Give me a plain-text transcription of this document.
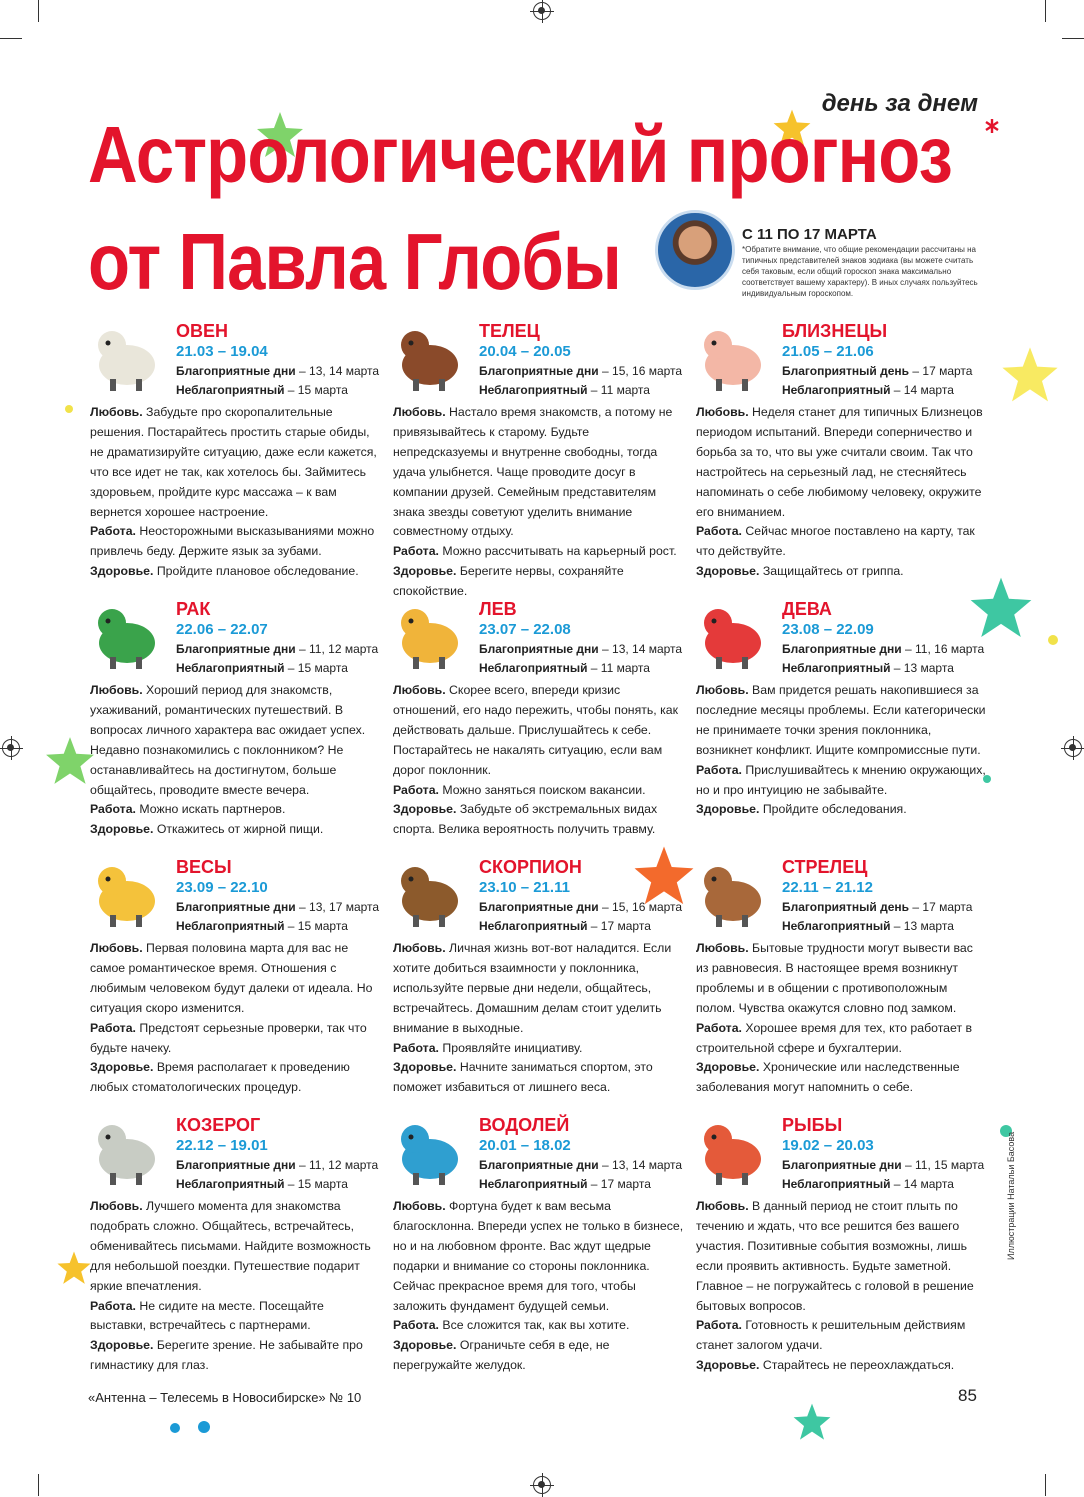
день за днем
Астрологический прогноз
от Павла Глобы	С 11 ПО 17 МАРТА
*Обратите внимание, что общие рекомендации рассчитаны на типичных представителей знаков зодиака (вы можете считать себя таковым, если общий гороскоп знака максимально соответствует вашему характеру). В иных случаях пользуйтесь индивидуальным гороскопом.
ОВЕН
21.03 – 19.04
Благоприятные дни – 13, 14 марта
Неблагоприятный – 15 марта

Любовь. Забудьте про скоропалительные решения. Постарайтесь простить старые обиды, не драматизируйте ситуацию, даже если кажется, что все идет не так, как хотелось бы. Займитесь здоровьем, пройдите курс массажа – к вам вернется хорошее настроение.

Работа. Неосторожными высказываниями можно привлечь беду. Держите язык за зубами.

Здоровье. Пройдите плановое обследование.

ТЕЛЕЦ
20.04 – 20.05
Благоприятные дни – 15, 16 марта
Неблагоприятный – 11 марта

Любовь. Настало время знакомств, а потому не привязывайтесь к старому. Будьте непредсказуемы и внутренне свободны, тогда удача улыбнется. Чаще проводите досуг в компании друзей. Семейным представителям знака звезды советуют уделить внимание совместному отдыху.

Работа. Можно рассчитывать на карьерный рост.

Здоровье. Берегите нервы, сохраняйте спокойствие.

БЛИЗНЕЦЫ
21.05 – 21.06
Благоприятный день – 17 марта
Неблагоприятный – 14 марта

Любовь. Неделя станет для типичных Близнецов периодом испытаний. Впереди соперничество и борьба за то, что вы уже считали своим. Так что настройтесь на серьезный лад, не стесняйтесь напоминать о себе любимому человеку, окружите его вниманием.

Работа. Сейчас многое поставлено на карту, так что действуйте.

Здоровье. Защищайтесь от гриппа.

РАК
22.06 – 22.07
Благоприятные дни – 11, 12 марта
Неблагоприятный – 15 марта

Любовь. Хороший период для знакомств, ухаживаний, романтических путешествий. В вопросах личного характера вас ожидает успех. Недавно познакомились с поклонником? Не останавливайтесь на достигнутом, больше общайтесь, проводите вместе вечера.

Работа. Можно искать партнеров.

Здоровье. Откажитесь от жирной пищи.

ЛЕВ
23.07 – 22.08
Благоприятные дни – 13, 14 марта
Неблагоприятный – 11 марта

Любовь. Скорее всего, впереди кризис отношений, его надо пережить, чтобы понять, как действовать дальше. Прислушайтесь к себе. Постарайтесь не накалять ситуацию, если вам дорог поклонник.

Работа. Можно заняться поиском вакансии.

Здоровье. Забудьте об экстремальных видах спорта. Велика вероятность получить травму.

ДЕВА
23.08 – 22.09
Благоприятные дни – 11, 16 марта
Неблагоприятный – 13 марта

Любовь. Вам придется решать накопившиеся за последние месяцы проблемы. Если категорически не принимаете точки зрения поклонника, возникнет конфликт. Ищите компромиссные пути.

Работа. Прислушивайтесь к мнению окружающих, но и про интуицию не забывайте.

Здоровье. Пройдите обследования.

ВЕСЫ
23.09 – 22.10
Благоприятные дни – 13, 17 марта
Неблагоприятный – 15 марта

Любовь. Первая половина марта для вас не самое романтическое время. Отношения с любимым человеком будут далеки от идеала. Но ситуация скоро изменится.

Работа. Предстоят серьезные проверки, так что будьте начеку.

Здоровье. Время располагает к проведению любых стоматологических процедур.

СКОРПИОН
23.10 – 21.11
Благоприятные дни – 15, 16 марта
Неблагоприятный – 17 марта

Любовь. Личная жизнь вот-вот наладится. Если хотите добиться взаимности у поклонника, используйте первые дни недели, общайтесь, встречайтесь. Домашним делам стоит уделить внимание в выходные.

Работа. Проявляйте инициативу.

Здоровье. Начните заниматься спортом, это поможет избавиться от лишнего веса.

СТРЕЛЕЦ
22.11 – 21.12
Благоприятный день – 17 марта
Неблагоприятный – 13 марта

Любовь. Бытовые трудности могут вывести вас из равновесия. В настоящее время возникнут проблемы и в общении с противоположным полом. Чувства окажутся словно под замком.

Работа. Хорошее время для тех, кто работает в строительной сфере и бухгалтерии.

Здоровье. Хронические или наследственные заболевания могут напомнить о себе.

КОЗЕРОГ
22.12 – 19.01
Благоприятные дни – 11, 12 марта
Неблагоприятный – 15 марта

Любовь. Лучшего момента для знакомства подобрать сложно. Общайтесь, встречайтесь, обменивайтесь письмами. Найдите возможность для небольшой поездки. Путешествие подарит яркие впечатления.

Работа. Не сидите на месте. Посещайте выставки, встречайтесь с партнерами.

Здоровье. Берегите зрение. Не забывайте про гимнастику для глаз.

ВОДОЛЕЙ
20.01 – 18.02
Благоприятные дни – 13, 14 марта
Неблагоприятный – 17 марта

Любовь. Фортуна будет к вам весьма благосклонна. Впереди успех не только в бизнесе, но и на любовном фронте. Вас ждут щедрые подарки и внимание со стороны поклонника. Сейчас прекрасное время для того, чтобы заложить фундамент будущей семьи.

Работа. Все сложится так, как вы хотите.

Здоровье. Ограничьте себя в еде, не перегружайте желудок.

РЫБЫ
19.02 – 20.03
Благоприятные дни – 11, 15 марта
Неблагоприятный – 14 марта

Любовь. В данный период не стоит плыть по течению и ждать, что все решится без вашего участия. Позитивные события возможны, лишь если проявить активность. Будьте заметной. Главное – не погружайтесь с головой в решение бытовых вопросов.

Работа. Готовность к решительным действиям станет залогом удачи.

Здоровье. Старайтесь не переохлаждаться.

«Антенна – Телесемь в Новосибирске» № 10	85
Иллюстрации Натальи Басова
